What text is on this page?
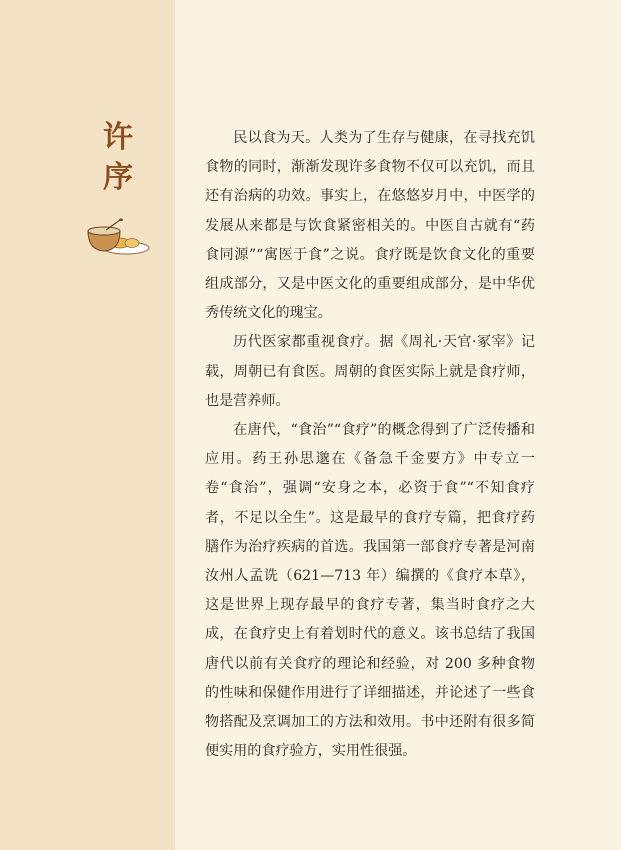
许
序

民以食为天。人类为了生存与健康，在寻找充饥食物的同时，渐渐发现许多食物不仅可以充饥，而且还有治病的功效。事实上，在悠悠岁月中，中医学的发展从来都是与饮食紧密相关的。中医自古就有“药食同源”“寓医于食”之说。食疗既是饮食文化的重要组成部分，又是中医文化的重要组成部分，是中华优秀传统文化的瑰宝。

历代医家都重视食疗。据《周礼·天官·冢宰》记载，周朝已有食医。周朝的食医实际上就是食疗师，也是营养师。

在唐代，“食治”“食疗”的概念得到了广泛传播和应用。药王孙思邈在《备急千金要方》中专立一卷“食治”，强调“安身之本，必资于食”“不知食疗者，不足以全生”。这是最早的食疗专篇，把食疗药膳作为治疗疾病的首选。我国第一部食疗专著是河南汝州人孟诜（621—713 年）编撰的《食疗本草》，这是世界上现存最早的食疗专著，集当时食疗之大成，在食疗史上有着划时代的意义。该书总结了我国唐代以前有关食疗的理论和经验，对 200 多种食物的性味和保健作用进行了详细描述，并论述了一些食物搭配及烹调加工的方法和效用。书中还附有很多简便实用的食疗验方，实用性很强。
